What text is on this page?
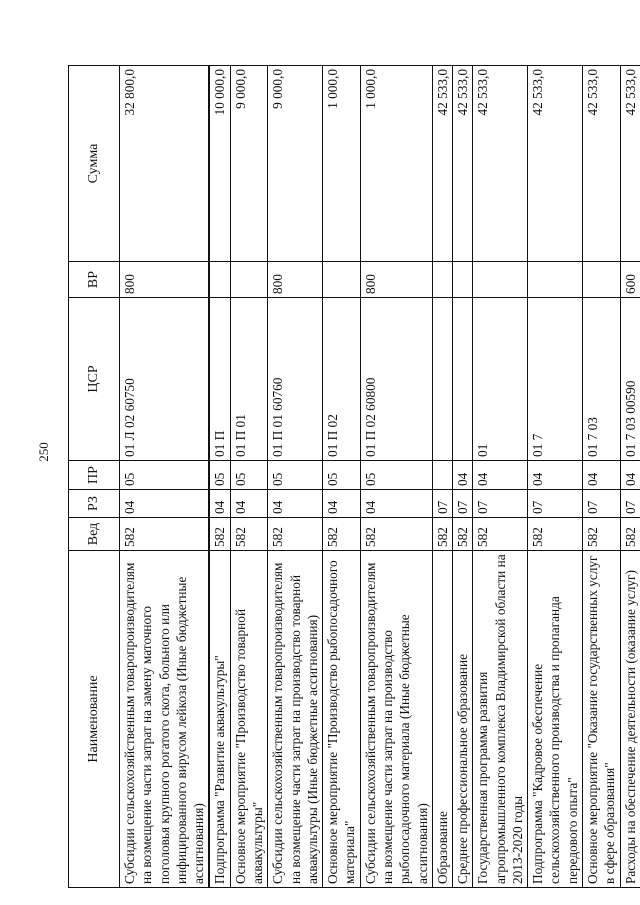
250
Наименование	Вед	РЗ	ПР	ЦСР	ВР	Сумма
Субсидии сельскохозяйственным товаропроизводителям на возмещение части затрат на замену маточного поголовья крупного рогатого скота, больного или инфицированного вирусом лейкоза (Иные бюджетные ассигнования)	582	04	05	01 Л 02 60750	800	32 800,0
Подпрограмма "Развитие аквакультуры"	582	04	05	01 П		10 000,0
Основное мероприятие "Производство товарной аквакультуры"	582	04	05	01 П 01		9 000,0
Субсидии сельскохозяйственным товаропроизводителям на возмещение части затрат на производство товарной аквакультуры (Иные бюджетные ассигнования)	582	04	05	01 П 01 60760	800	9 000,0
Основное мероприятие "Производство рыбопосадочного материала"	582	04	05	01 П 02		1 000,0
Субсидии сельскохозяйственным товаропроизводителям на возмещение части затрат на производство рыбопосадочного материала (Иные бюджетные ассигнования)	582	04	05	01 П 02 60800	800	1 000,0
Образование	582	07				42 533,0
Среднее профессиональное образование	582	07	04			42 533,0
Государственная программа развития агропромышленного комплекса Владимирской области на 2013-2020 годы	582	07	04	01		42 533,0
Подпрограмма "Кадровое обеспечение сельскохозяйственного производства и пропаганда передового опыта"	582	07	04	01 7		42 533,0
Основное мероприятие "Оказание государственных услуг в сфере образования"	582	07	04	01 7 03		42 533,0
Расходы на обеспечение деятельности (оказание услуг)	582	07	04	01 7 03 00590	600	42 533,0
